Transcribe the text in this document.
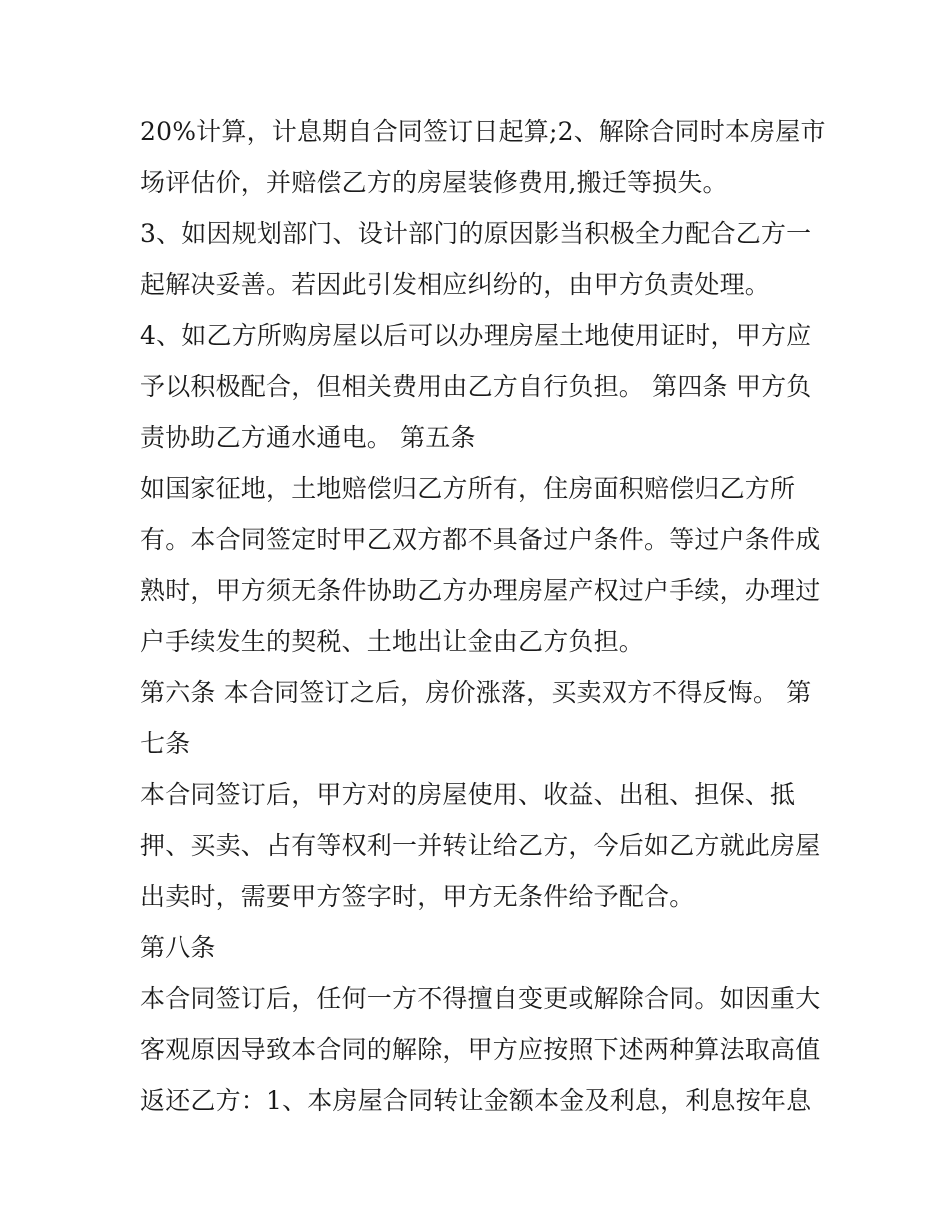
20%计算，计息期自合同签订日起算;2、解除合同时本房屋市
场评估价，并赔偿乙方的房屋装修费用,搬迁等损失。
3、如因规划部门、设计部门的原因影当积极全力配合乙方一
起解决妥善。若因此引发相应纠纷的，由甲方负责处理。
4、如乙方所购房屋以后可以办理房屋土地使用证时，甲方应
予以积极配合，但相关费用由乙方自行负担。 第四条 甲方负
责协助乙方通水通电。 第五条
如国家征地，土地赔偿归乙方所有，住房面积赔偿归乙方所
有。本合同签定时甲乙双方都不具备过户条件。等过户条件成
熟时，甲方须无条件协助乙方办理房屋产权过户手续，办理过
户手续发生的契税、土地出让金由乙方负担。
第六条 本合同签订之后，房价涨落，买卖双方不得反悔。 第
七条
本合同签订后，甲方对的房屋使用、收益、出租、担保、抵
押、买卖、占有等权利一并转让给乙方，今后如乙方就此房屋
出卖时，需要甲方签字时，甲方无条件给予配合。
第八条
本合同签订后，任何一方不得擅自变更或解除合同。如因重大
客观原因导致本合同的解除，甲方应按照下述两种算法取高值
返还乙方：1、本房屋合同转让金额本金及利息，利息按年息
